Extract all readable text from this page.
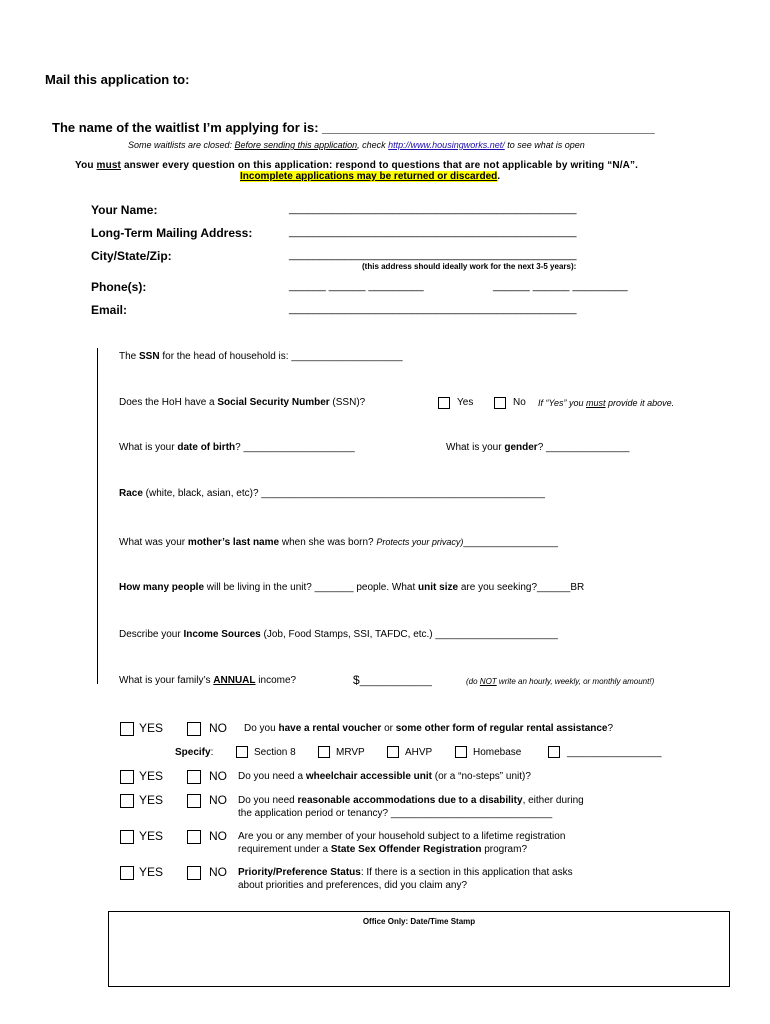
Mail this application to:
The name of the waitlist I’m applying for is: ______________________________________________
Some waitlists are closed: Before sending this application, check http://www.housingworks.net/ to see what is open
You must answer every question on this application: respond to questions that are not applicable by writing “N/A”.
Incomplete applications may be returned or discarded.
Your Name:	_______________________________________________
Long-Term Mailing Address:	_______________________________________________
City/State/Zip:	_______________________________________________
(this address should ideally work for the next 3-5 years):
Phone(s):	______ ______ _________	______ ______ _________
Email:	_______________________________________________
The SSN for the head of household is: ____________________
Does the HoH have a Social Security Number (SSN)?	Yes	No If “Yes” you must provide it above.
What is your date of birth? ____________________	What is your gender? _______________
Race (white, black, asian, etc)? ___________________________________________________
What was your mother’s last name when she was born? Protects your privacy)_________________
How many people will be living in the unit? _______ people. What unit size are you seeking?______BR
Describe your Income Sources (Job, Food Stamps, SSI, TAFDC, etc.) ______________________
What is your family’s ANNUAL income?	$_____________	(do NOT write an hourly, weekly, or monthly amount!)
YES	NO Do you have a rental voucher or some other form of regular rental assistance?
Specify:	Section 8	MRVP	AHVP	Homebase	_________________
YES	NO Do you need a wheelchair accessible unit (or a “no-steps” unit)?
YES	NO Do you need reasonable accommodations due to a disability, either during
the application period or tenancy? _____________________________
YES	NO Are you or any member of your household subject to a lifetime registration
requirement under a State Sex Offender Registration program?
YES	NO Priority/Preference Status: If there is a section in this application that asks
about priorities and preferences, did you claim any?
Office Only: Date/Time Stamp
